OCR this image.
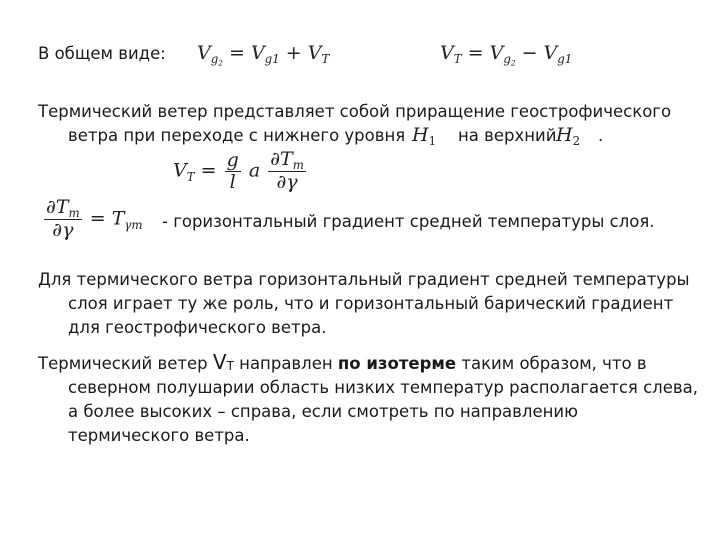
В общем виде: $V_{g_2} = V_{g1} + V_T$	$V_T = V_{g_2} - V_{g1}$
Термический ветер представляет собой приращение геострофического
ветра при переходе с нижнего уровня $H_1$ на верхний $H_2$ .
$V_T = \frac{g}{l}$ a $\frac{\partial T_m}{\partial\gamma}$
$\frac{\partial T_m}{\partial\gamma} = T_{\gamma m}$ - горизонтальный градиент средней температуры слоя.
Для термического ветра горизонтальный градиент средней температуры
слоя играет ту же роль, что и горизонтальный барический градиент
для геострофического ветра.
Термический ветер $V_T$ направлен по изотерме таким образом, что в
северном полушарии область низких температур располагается слева,
а более высоких – справа, если смотреть по направлению
термического ветра.
